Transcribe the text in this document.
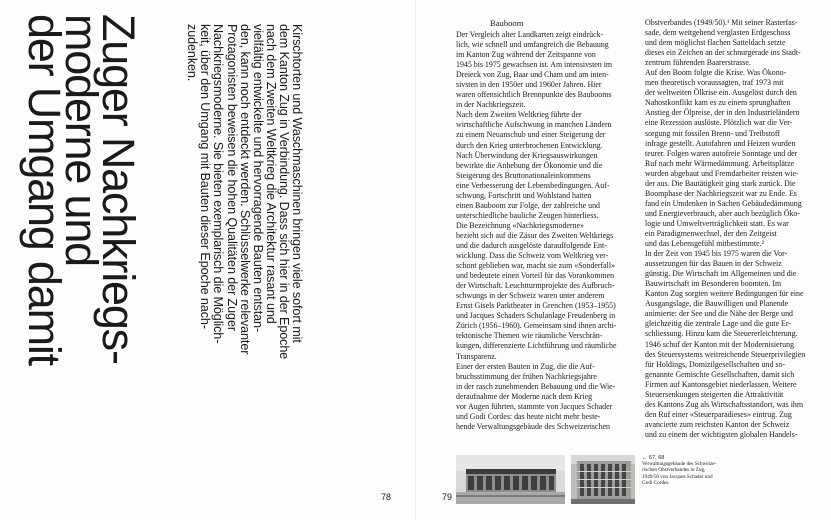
Zuger Nachkriegs-
moderne und
der Umgang damit	Kirschtorten und Waschmaschinen bringen viele sofort mit
dem Kanton Zug in Verbindung. Dass sich hier in der Epoche
nach dem Zweiten Weltkrieg die Architektur rasant und
vielfältig entwickelte und hervorragende Bauten entstan-
den, kann noch entdeckt werden. Schlüsselwerke relevanter
Protagonisten beweisen die hohen Qualitäten der Zuger
Nachkriegsmoderne. Sie bieten exemplarisch die Möglich-
keit, über den Umgang mit Bauten dieser Epoche nach-
zudenken.
78
Bauboom
Der Vergleich alter Landkarten zeigt eindrück-
lich, wie schnell und umfangreich die Bebauung
im Kanton Zug während der Zeitspanne von
1945 bis 1975 gewachsen ist. Am intensivsten im
Dreieck von Zug, Baar und Cham und am inten-
sivsten in den 1950er und 1960er Jahren. Hier
waren offensichtlich Brennpunkte des Baubooms
in der Nachkriegszeit.
Nach dem Zweiten Weltkrieg führte der
wirtschaftliche Aufschwung in manchen Ländern
zu einem Neuanschub und einer Steigerung der
durch den Krieg unterbrochenen Entwicklung.
Nach Überwindung der Kriegsauswirkungen
bewirkte die Anhebung der Ökonomie und die
Steigerung des Bruttonationaleinkommens
eine Verbesserung der Lebensbedingungen. Auf-
schwung, Fortschritt und Wohlstand hatten
einen Bauboom zur Folge, der zahlreiche und
unterschiedliche bauliche Zeugen hinterliess.
Die Bezeichnung «Nachkriegsmoderne»
bezieht sich auf die Zäsur des Zweiten Weltkriegs
und die dadurch ausgelöste darauffolgende Ent-
wicklung. Dass die Schweiz vom Weltkrieg ver-
schont geblieben war, macht sie zum «Sonderfall»
und bedeutete einen Vorteil für das Vorankommen
der Wirtschaft. Leuchtturmprojekte des Aufbruch-
schwungs in der Schweiz waren unter anderem
Ernst Gisels Parktheater in Grenchen (1953–1955)
und Jacques Schaders Schulanlage Freudenberg in
Zürich (1956–1960). Gemeinsam sind ihnen archi-
tektonische Themen wie räumliche Verschrän-
kungen, differenzierte Lichtführung und räumliche
Transparenz.
Einer der ersten Bauten in Zug, die die Auf-
bruchsstimmung der frühen Nachkriegsjahre
in der rasch zunehmenden Bebauung und die Wie-
deraufnahme der Moderne nach dem Krieg
vor Augen führten, stammte von Jacques Schader
und Godi Cordes: das heute nicht mehr beste-
hende Verwaltungsgebäude des Schweizerischen
Obstverbandes (1949/50).¹ Mit seiner Rasterfas-
sade, dem weitgehend verglasten Erdgeschoss
und dem möglichst flachen Satteldach setzte
dieses ein Zeichen an der schnurgerade ins Stadt-
zentrum führenden Baarerstrasse.
Auf den Boom folgte die Krise. Was Ökono-
men theoretisch voraussagten, traf 1973 mit
der weltweiten Ölkrise ein. Ausgelöst durch den
Nahostkonflikt kam es zu einem sprunghaften
Anstieg der Ölpreise, der in den Industrieländern
eine Rezession auslöste. Plötzlich war die Ver-
sorgung mit fossilen Brenn- und Treibstoff
infrage gestellt. Autofahren und Heizen wurden
teurer. Folgen waren autofreie Sonntage und der
Ruf nach mehr Wärmedämmung. Arbeitsplätze
wurden abgebaut und Fremdarbeiter reisten wie-
der aus. Die Bautätigkeit ging stark zurück. Die
Boomphase der Nachkriegszeit war zu Ende. Es
fand ein Umdenken in Sachen Gebäudedämmung
und Energieverbrauch, aber auch bezüglich Öko-
logie und Umweltverträglichkeit statt. Es war
ein Paradigmenwechsel, der den Zeitgeist
und das Lebensgefühl mitbestimmte.²
In der Zeit von 1945 bis 1975 waren die Vor-
aussetzungen für das Bauen in der Schweiz
günstig. Die Wirtschaft im Allgemeinen und die
Bauwirtschaft im Besonderen boomten. Im
Kanton Zug sorgten weitere Bedingungen für eine
Ausgangslage, die Bauwilligen und Planende
animierte: der See und die Nähe der Berge und
gleichzeitig die zentrale Lage und die gute Er-
schliessung. Hinzu kam die Steuererleichterung.
1946 schuf der Kanton mit der Modernisierung
des Steuersystems weitreichende Steuerprivilegien
für Holdings, Domizilgesellschaften und so-
genannte Gemischte Gesellschaften, damit sich
Firmen auf Kantonsgebiet niederlassen. Weitere
Steuersenkungen steigerten die Attraktivität
des Kantons Zug als Wirtschaftsstandort, was ihm
den Ruf einer «Steuerparadieses» eintrug. Zug
avancierte zum reichsten Kanton der Schweiz
und zu einem der wichtigsten globalen Handels-
← 67, 68
Verwaltungsgebäude des Schweize-
rischen Obstverbandes in Zug,
1949/50 von Jacques Schader und
Godi Cordes.
79
